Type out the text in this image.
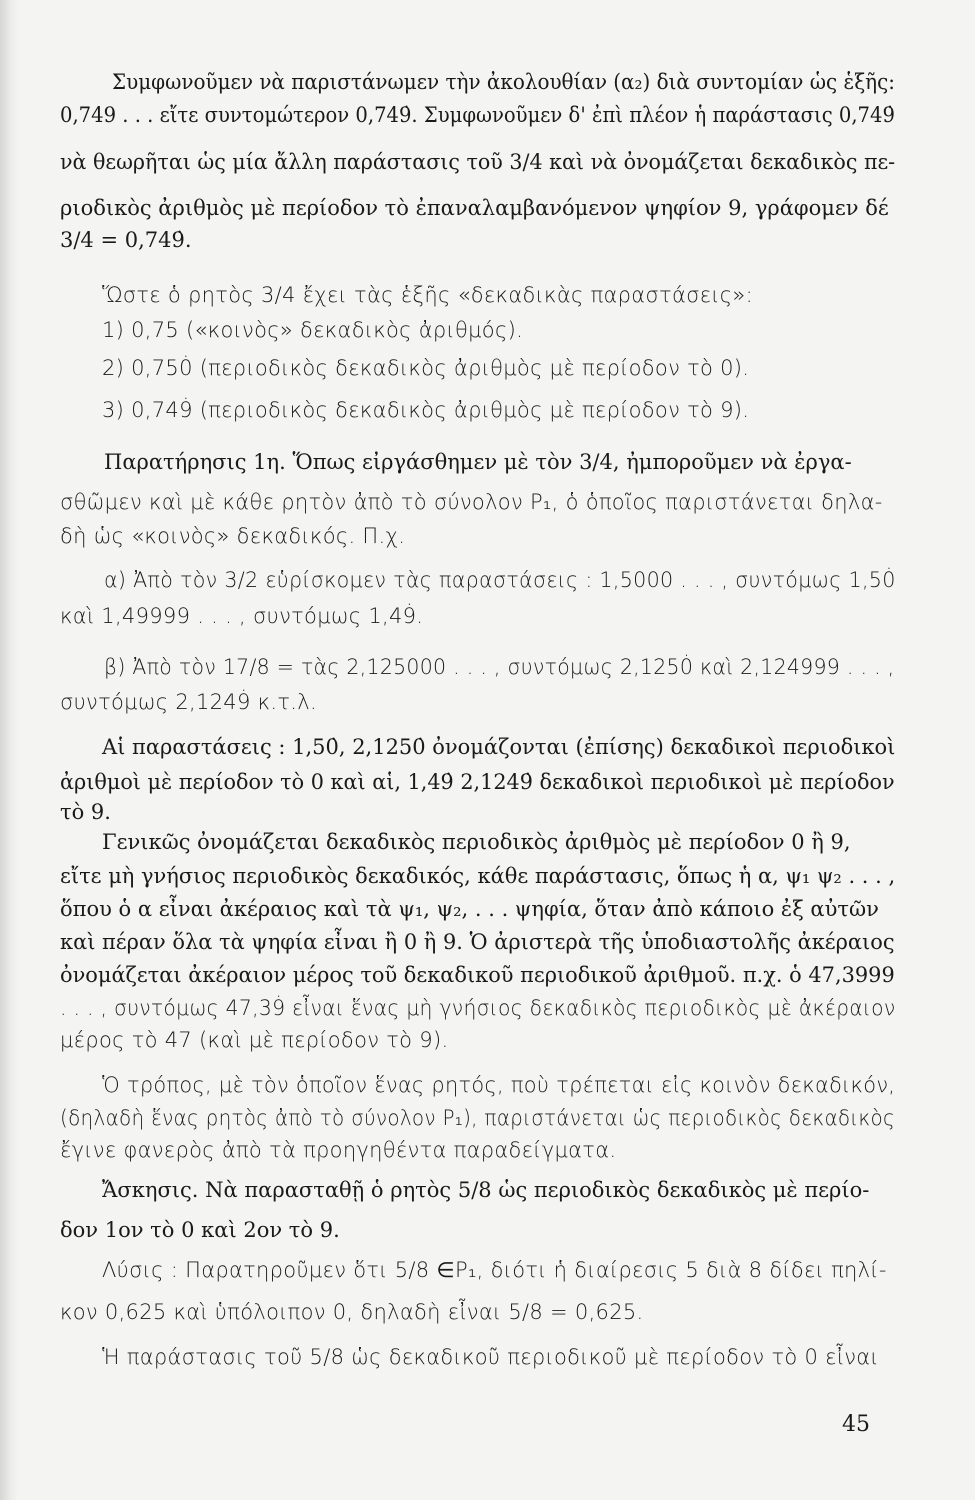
Συμφωνοῦμεν νὰ παριστάνωμεν τὴν ἀκολουθίαν (α₂) διὰ συντομίαν ὡς ἑξῆς:
0,749 . . . εἴτε συντομώτερον 0,749̇. Συμφωνοῦμεν δ' ἐπὶ πλέον ἡ παράστασις 0,749̇
νὰ θεωρῆται ὡς μία ἄλλη παράστασις τοῦ 3/4 καὶ νὰ ὀνομάζεται δεκαδικὸς πε-
ριοδικὸς ἀριθμὸς μὲ περίοδον τὸ ἐπαναλαμβανόμενον ψηφίον 9, γράφομεν δέ
3/4 = 0,749̇.
Ὥστε ὁ ρητὸς 3/4 ἔχει τὰς ἑξῆς «δεκαδικὰς παραστάσεις»:
1) 0,75 («κοινὸς» δεκαδικὸς ἀριθμός).
2) 0,750̇ (περιοδικὸς δεκαδικὸς ἀριθμὸς μὲ περίοδον τὸ 0).
3) 0,749̇ (περιοδικὸς δεκαδικὸς ἀριθμὸς μὲ περίοδον τὸ 9).
Παρατήρησις 1η. Ὅπως εἰργάσθημεν μὲ τὸν 3/4, ἠμποροῦμεν νὰ ἐργα-
σθῶμεν καὶ μὲ κάθε ρητὸν ἀπὸ τὸ σύνολον P₁, ὁ ὁποῖος παριστάνεται δηλα-
δὴ ὡς «κοινὸς» δεκαδικός. Π.χ.
α) Ἀπὸ τὸν 3/2 εὑρίσκομεν τὰς παραστάσεις : 1,5000 . . . , συντόμως 1,50̇
καὶ 1,49999 . . . , συντόμως 1,49̇.
β) Ἀπὸ τὸν 17/8 = τὰς 2,125000 . . . , συντόμως 2,1250̇ καὶ 2,124999 . . . ,
συντόμως 2,1249̇ κ.τ.λ.
Αἱ παραστάσεις : 1,50̇, 2,1250̇ ὀνομάζονται (ἐπίσης) δεκαδικοὶ περιοδικοὶ
ἀριθμοὶ μὲ περίοδον τὸ 0 καὶ αἱ, 1,49̇ 2,1249̇ δεκαδικοὶ περιοδικοὶ μὲ περίοδον
τὸ 9.
Γενικῶς ὀνομάζεται δεκαδικὸς περιοδικὸς ἀριθμὸς μὲ περίοδον 0 ἢ 9,
εἴτε μὴ γνήσιος περιοδικὸς δεκαδικός, κάθε παράστασις, ὅπως ἡ α, ψ₁ ψ₂ . . . ,
ὅπου ὁ α εἶναι ἀκέραιος καὶ τὰ ψ₁, ψ₂, . . . ψηφία, ὅταν ἀπὸ κάποιο ἐξ αὐτῶν
καὶ πέραν ὅλα τὰ ψηφία εἶναι ἢ 0 ἢ 9. Ὁ ἀριστερὰ τῆς ὑποδιαστολῆς ἀκέραιος
ὀνομάζεται ἀκέραιον μέρος τοῦ δεκαδικοῦ περιοδικοῦ ἀριθμοῦ. π.χ. ὁ 47,3999
. . . , συντόμως 47,39̇ εἶναι ἕνας μὴ γνήσιος δεκαδικὸς περιοδικὸς μὲ ἀκέραιον
μέρος τὸ 47 (καὶ μὲ περίοδον τὸ 9).
Ὁ τρόπος, μὲ τὸν ὁποῖον ἕνας ρητός, ποὺ τρέπεται εἰς κοινὸν δεκαδικόν,
(δηλαδὴ ἕνας ρητὸς ἀπὸ τὸ σύνολον P₁), παριστάνεται ὡς περιοδικὸς δεκαδικὸς
ἔγινε φανερὸς ἀπὸ τὰ προηγηθέντα παραδείγματα.
Ἄσκησις. Νὰ παρασταθῇ ὁ ρητὸς 5/8 ὡς περιοδικὸς δεκαδικὸς μὲ περίο-
δον 1ον τὸ 0 καὶ 2ον τὸ 9.
Λύσις : Παρατηροῦμεν ὅτι 5/8 ∈P₁, διότι ἡ διαίρεσις 5 διὰ 8 δίδει πηλί-
κον 0,625 καὶ ὑπόλοιπον 0, δηλαδὴ εἶναι 5/8 = 0,625.
Ἡ παράστασις τοῦ 5/8 ὡς δεκαδικοῦ περιοδικοῦ μὲ περίοδον τὸ 0 εἶναι
45
